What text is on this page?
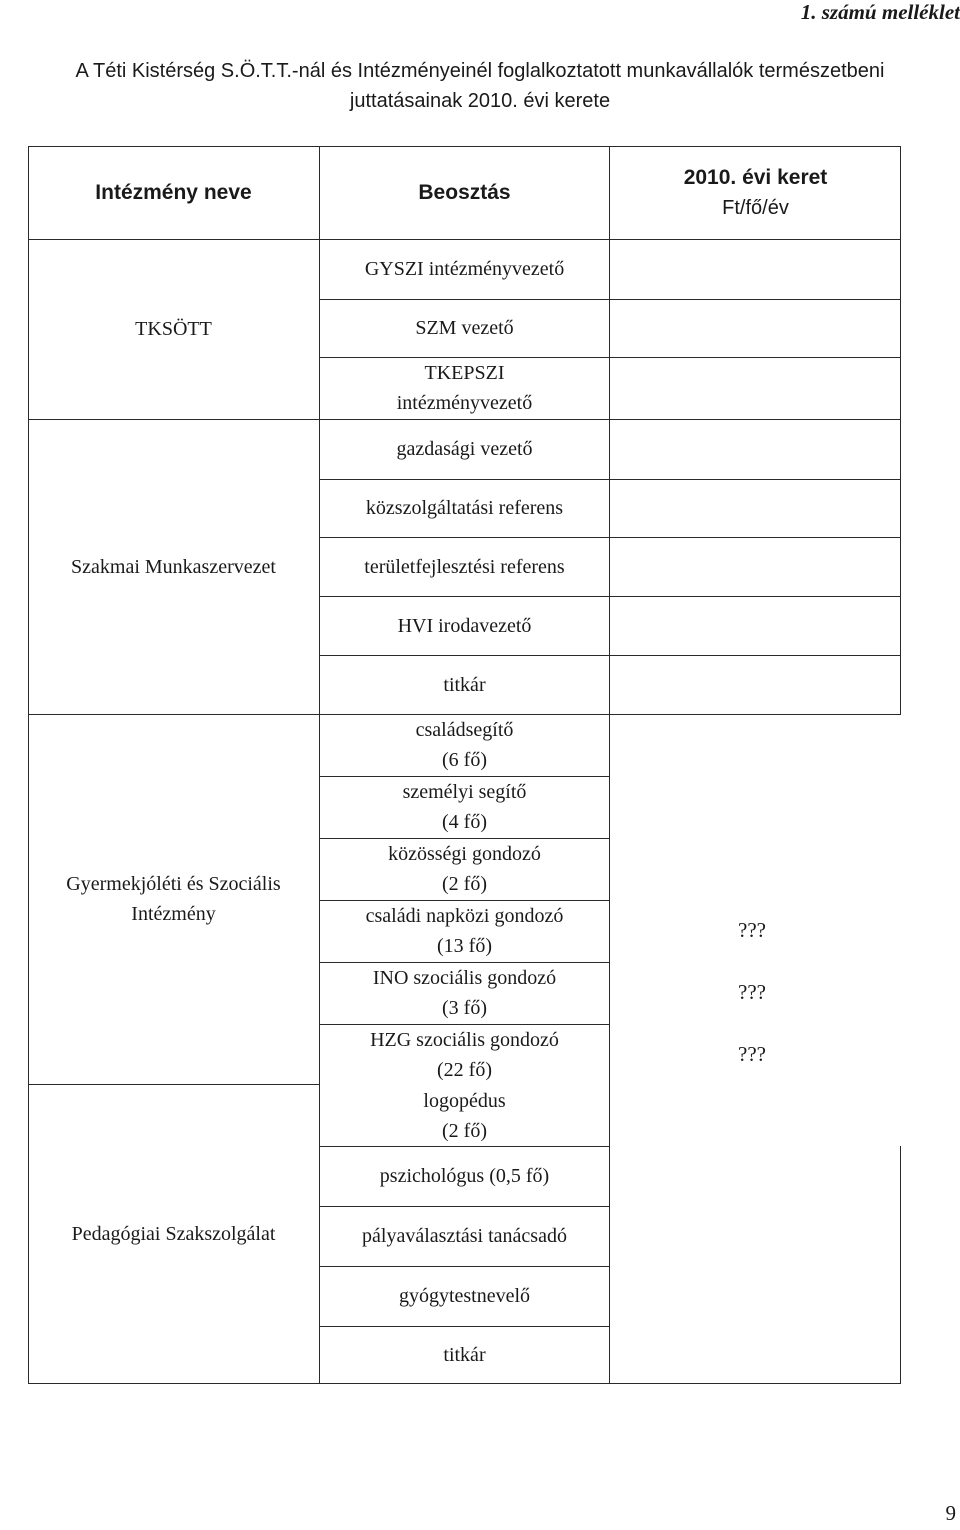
1. számú melléklet
A Téti Kistérség S.Ö.T.T.-nál és Intézményeinél foglalkoztatott munkavállalók természetbeni
juttatásainak 2010. évi kerete
Intézmény neve	Beosztás
2010. évi keret
Ft/fő/év
TKSÖTT
Szakmai Munkaszervezet
Gyermekjóléti és Szociális Intézmény
Pedagógiai Szakszolgálat
GYSZI intézményvezető
SZM vezető
TKEPSZI
intézményvezető
gazdasági vezető
közszolgáltatási referens
területfejlesztési referens
HVI irodavezető
titkár
családsegítő
(6 fő)
személyi segítő
(4 fő)
közösségi gondozó
(2 fő)
családi napközi gondozó
(13 fő)
INO szociális gondozó
(3 fő)
HZG szociális gondozó
(22 fő)
logopédus
(2 fő)
pszichológus (0,5 fő)
pályaválasztási tanácsadó
gyógytestnevelő
titkár
???
???
???
9
